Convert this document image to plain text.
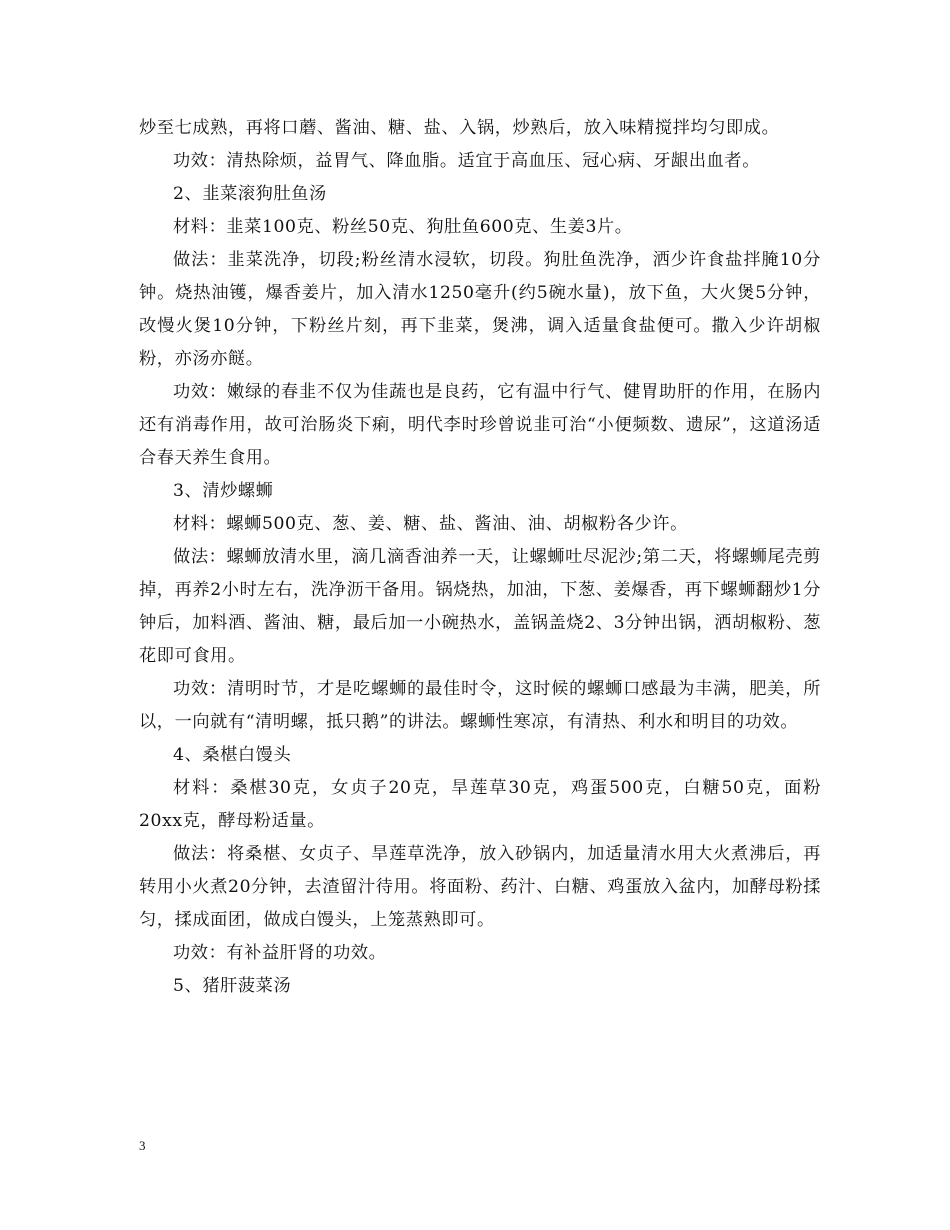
炒至七成熟，再将口蘑、酱油、糖、盐、入锅，炒熟后，放入味精搅拌均匀即成。

功效：清热除烦，益胃气、降血脂。适宜于高血压、冠心病、牙龈出血者。

2、韭菜滚狗肚鱼汤

材料：韭菜100克、粉丝50克、狗肚鱼600克、生姜3片。

做法：韭菜洗净，切段;粉丝清水浸软，切段。狗肚鱼洗净，洒少许食盐拌腌10分钟。烧热油镬，爆香姜片，加入清水1250毫升(约5碗水量)，放下鱼，大火煲5分钟，改慢火煲10分钟，下粉丝片刻，再下韭菜，煲沸，调入适量食盐便可。撒入少许胡椒粉，亦汤亦餸。

功效：嫩绿的春韭不仅为佳蔬也是良药，它有温中行气、健胃助肝的作用，在肠内还有消毒作用，故可治肠炎下痢，明代李时珍曾说韭可治“小便频数、遗尿”，这道汤适合春天养生食用。

3、清炒螺蛳

材料：螺蛳500克、葱、姜、糖、盐、酱油、油、胡椒粉各少许。

做法：螺蛳放清水里，滴几滴香油养一天，让螺蛳吐尽泥沙;第二天，将螺蛳尾壳剪掉，再养2小时左右，洗净沥干备用。锅烧热，加油，下葱、姜爆香，再下螺蛳翻炒1分钟后，加料酒、酱油、糖，最后加一小碗热水，盖锅盖烧2、3分钟出锅，洒胡椒粉、葱花即可食用。

功效：清明时节，才是吃螺蛳的最佳时令，这时候的螺蛳口感最为丰满，肥美，所以，一向就有“清明螺，抵只鹅”的讲法。螺蛳性寒凉，有清热、利水和明目的功效。

4、桑椹白馒头

材料：桑椹30克，女贞子20克，旱莲草30克，鸡蛋500克，白糖50克，面粉20xx克，酵母粉适量。

做法：将桑椹、女贞子、旱莲草洗净，放入砂锅内，加适量清水用大火煮沸后，再转用小火煮20分钟，去渣留汁待用。将面粉、药汁、白糖、鸡蛋放入盆内，加酵母粉揉匀，揉成面团，做成白馒头，上笼蒸熟即可。

功效：有补益肝肾的功效。

5、猪肝菠菜汤

3
